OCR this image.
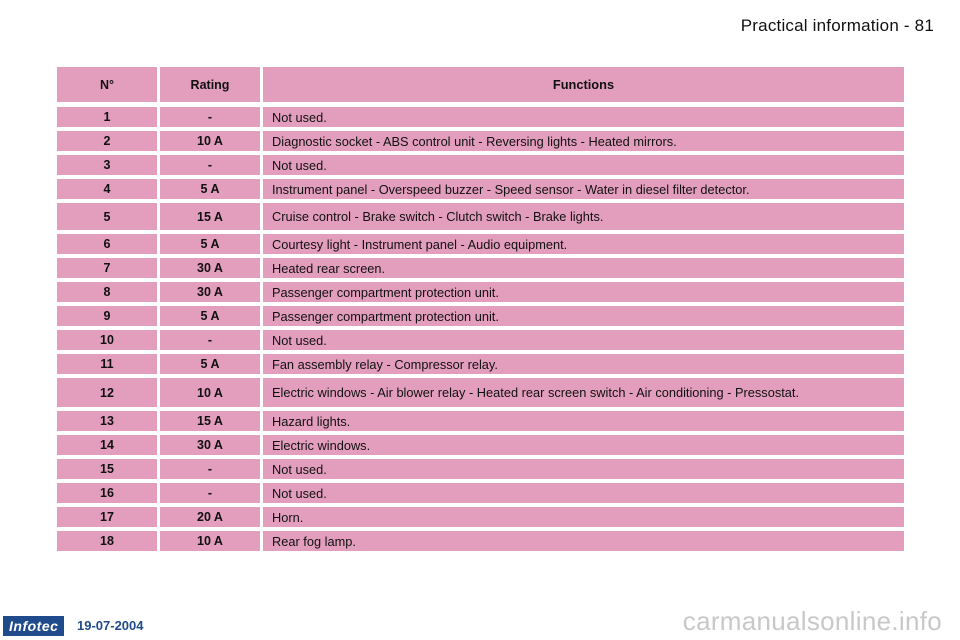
Practical information - 81
N°	Rating	Functions
1	-	Not used.
2	10 A	Diagnostic socket - ABS control unit - Reversing lights - Heated mirrors.
3	-	Not used.
4	5 A	Instrument panel - Overspeed buzzer - Speed sensor - Water in diesel filter detector.
5	15 A	Cruise control - Brake switch - Clutch switch - Brake lights.
6	5 A	Courtesy light - Instrument panel - Audio equipment.
7	30 A	Heated rear screen.
8	30 A	Passenger compartment protection unit.
9	5 A	Passenger compartment protection unit.
10	-	Not used.
11	5 A	Fan assembly relay - Compressor relay.
12	10 A	Electric windows - Air blower relay - Heated rear screen switch - Air conditioning - Pressostat.
13	15 A	Hazard lights.
14	30 A	Electric windows.
15	-	Not used.
16	-	Not used.
17	20 A	Horn.
18	10 A	Rear fog lamp.
Infotec	19-07-2004	carmanualsonline.info
